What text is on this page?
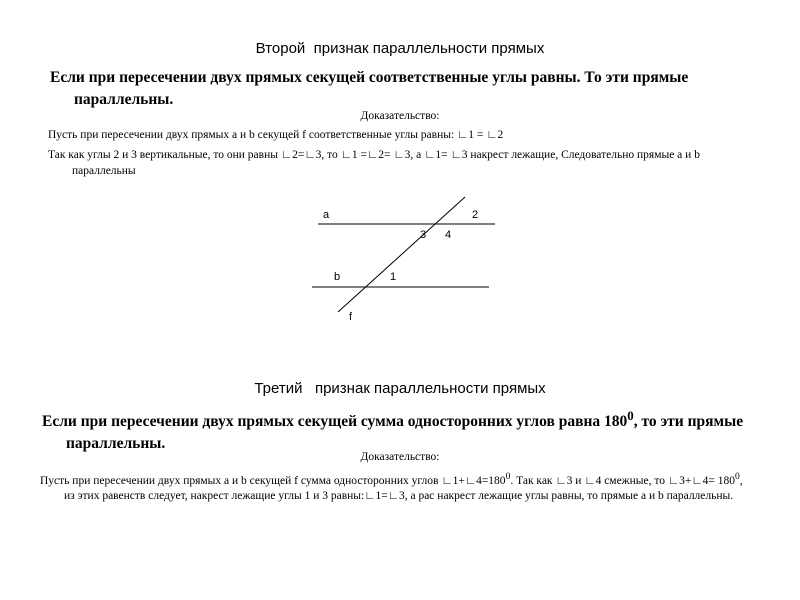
Второй  признак параллельности прямых
Если при пересечении двух прямых секущей соответственные углы равны. То эти прямые параллельны.
Доказательство:
Пусть при пересечении двух прямых a и b секущей f соответственные углы равны: ∟1 = ∟2
Так как углы 2 и 3 вертикальные, то они равны ∟2=∟3, то ∟1 =∟2= ∟3, а ∟1= ∟3 накрест лежащие, Следовательно прямые a и b параллельны
a	2
3 4
b	1
f
Третий   признак параллельности прямых
Если при пересечении двух прямых секущей сумма односторонних углов равна $180^0$, то эти прямые параллельны.
Доказательство:
Пусть при пересечении двух прямых a и b секущей f сумма односторонних углов $∟1+∟4=180^0$. Так как ∟3 и ∟4 смежные, то ∟3+∟4= $180^0$, из этих равенств следует, накрест лежащие углы 1 и 3 равны:∟1=∟3, а рас накрест лежащие углы равны, то прямые a и b параллельны.
